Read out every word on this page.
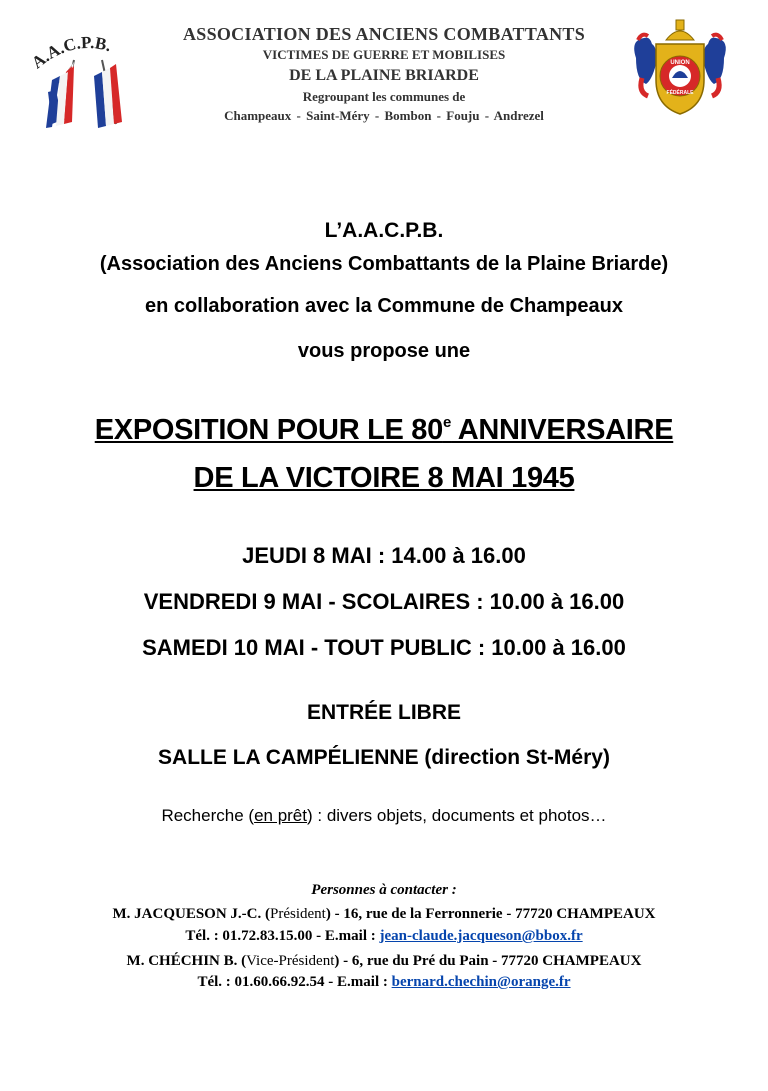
A.A.C.P.B.
ASSOCIATION DES ANCIENS COMBATTANTS
VICTIMES DE GUERRE ET MOBILISES
DE LA PLAINE BRIARDE
Regroupant les communes de
Champeaux - Saint-Méry - Bombon - Fouju - Andrezel
UNION
FÉDÉRALE
L’A.A.C.P.B.
(Association des Anciens Combattants de la Plaine Briarde)
en collaboration avec la Commune de Champeaux
vous propose une
EXPOSITION POUR LE 80e ANNIVERSAIRE
DE LA VICTOIRE 8 MAI 1945
JEUDI 8 MAI : 14.00 à 16.00
VENDREDI 9 MAI - SCOLAIRES : 10.00 à 16.00
SAMEDI 10 MAI - TOUT PUBLIC : 10.00 à 16.00
ENTRÉE LIBRE
SALLE LA CAMPÉLIENNE (direction St-Méry)
Recherche (en prêt) : divers objets, documents et photos…
Personnes à contacter :
M. JACQUESON J.-C. (Président) - 16, rue de la Ferronnerie - 77720 CHAMPEAUX
Tél. : 01.72.83.15.00 - E.mail : jean-claude.jacqueson@bbox.fr
M. CHÉCHIN B. (Vice-Président) - 6, rue du Pré du Pain - 77720 CHAMPEAUX
Tél. : 01.60.66.92.54 - E.mail : bernard.chechin@orange.fr
